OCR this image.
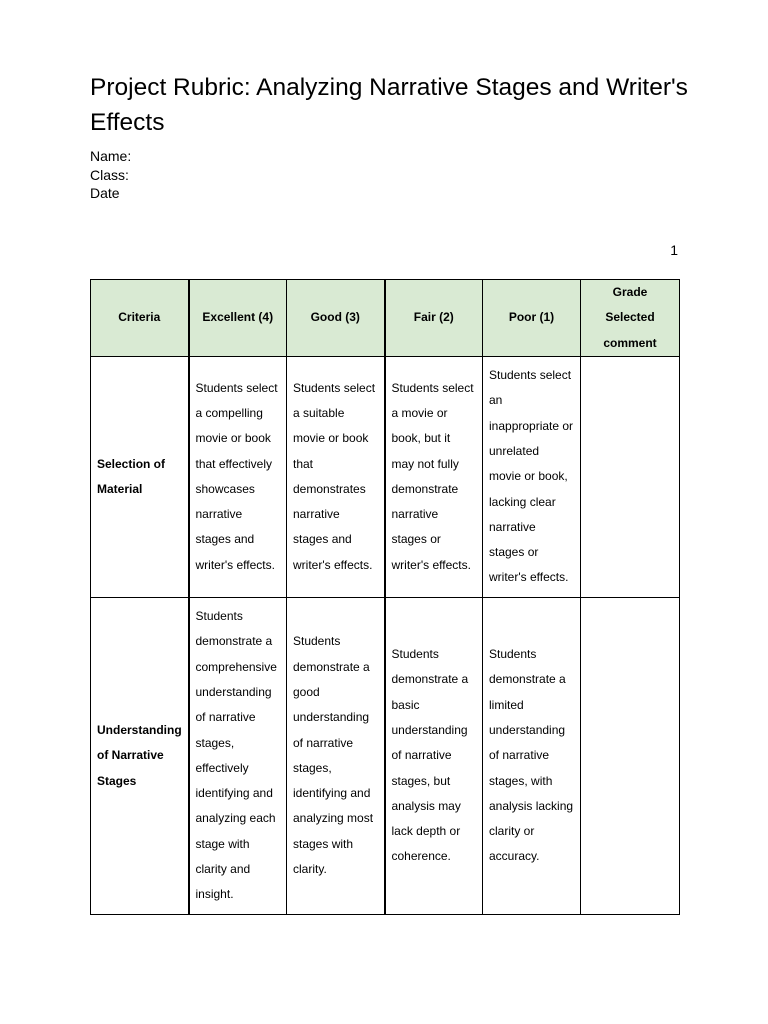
Project Rubric: Analyzing Narrative Stages and Writer's Effects
Name:
Class:
Date
1
Criteria	Excellent (4)	Good (3)	Fair (2)	Poor (1)	Grade Selected comment
Selection of Material	Students select a compelling movie or book that effectively showcases narrative stages and writer's effects.	Students select a suitable movie or book that demonstrates narrative stages and writer's effects.	Students select a movie or book, but it may not fully demonstrate narrative stages or writer's effects.	Students select an inappropriate or unrelated movie or book, lacking clear narrative stages or writer's effects.	
Understanding of Narrative Stages	Students demonstrate a comprehensive understanding of narrative stages, effectively identifying and analyzing each stage with clarity and insight.	Students demonstrate a good understanding of narrative stages, identifying and analyzing most stages with clarity.	Students demonstrate a basic understanding of narrative stages, but analysis may lack depth or coherence.	Students demonstrate a limited understanding of narrative stages, with analysis lacking clarity or accuracy.	
